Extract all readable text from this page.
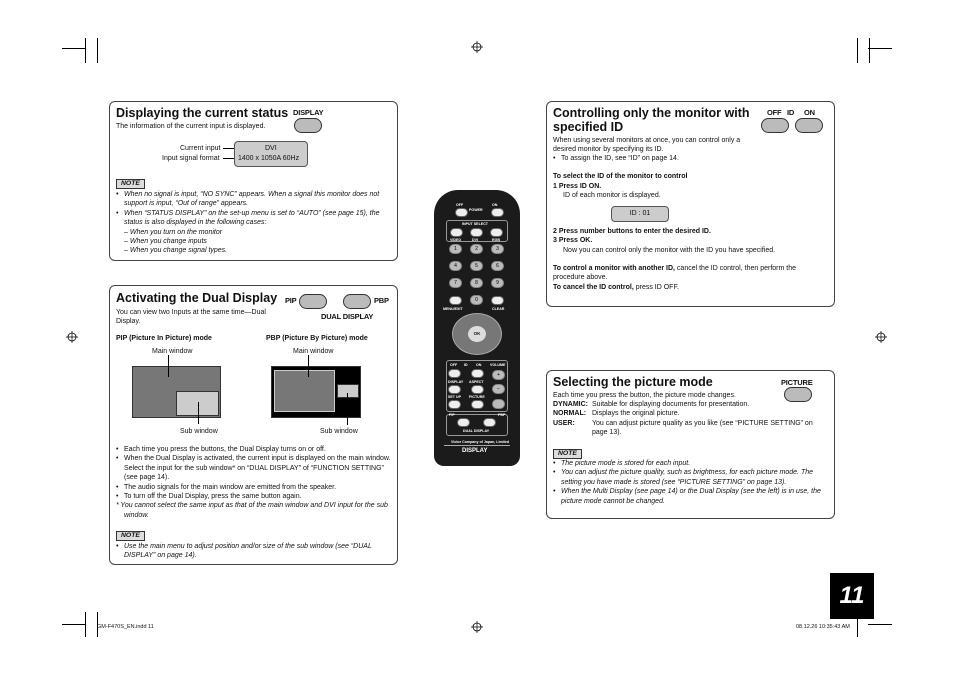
Displaying the current status DISPLAY
The information of the current input is displayed.
Current input
Input signal format
DVI
1400 x 1050A 60Hz
NOTE
• When no signal is input, “NO SYNC” appears. When a signal this monitor does not support is input, “Out of range” appears.
• When “STATUS DISPLAY” on the set-up menu is set to “AUTO” (see page 15), the status is also displayed in the following cases:
– When you turn on the monitor
– When you change inputs
– When you change signal types.
Activating the Dual Display PIP	PBP
DUAL DISPLAY
You can view two Inputs at the same time—Dual Display.
PIP (Picture In Picture) mode	PBP (Picture By Picture) mode
Main window	Main window
Sub window	Sub window
• Each time you press the buttons, the Dual Display turns on or off.
• When the Dual Display is activated, the current input is displayed on the main window. Select the input for the sub window* on “DUAL DISPLAY” of “FUNCTION SETTING” (see page 14).
• The audio signals for the main window are emitted from the speaker.
• To turn off the Dual Display, press the same button again.
* You cannot select the same input as that of the main window and DVI input for the sub window.
NOTE
• Use the main menu to adjust position and/or size of the sub window (see “DUAL DISPLAY” on page 14).
Controlling only the monitor with specified ID
OFF ID ON
When using several monitors at once, you can control only a desired monitor by specifying its ID.
• To assign the ID, see “ID” on page 14.
To select the ID of the monitor to control
1 Press ID ON.
ID of each monitor is displayed.
ID : 01
2 Press number buttons to enter the desired ID.
3 Press OK.
Now you can control only the monitor with the ID you have specified.
To control a monitor with another ID, cancel the ID control, then perform the procedure above.
To cancel the ID control, press ID OFF.
Selecting the picture mode	PICTURE
Each time you press the button, the picture mode changes.
DYNAMIC: Suitable for displaying documents for presentation.
NORMAL: Displays the original picture.
USER: You can adjust picture quality as you like (see “PICTURE SETTING” on page 13).
NOTE
• The picture mode is stored for each input.
• You can adjust the picture quality, such as brightness, for each picture mode. The setting you have made is stored (see “PICTURE SETTING” on page 13).
• When the Multi Display (see page 14) or the Dual Display (see the left) is in use, the picture mode cannot be changed.
OFF
POWER
ON
INPUT SELECT
VIDEO	DVI	RGB
1	2	3
4	5	6
7	8	9
0
MENU/EXIT	CLEAR
OK
OFF ID ON VOLUME
+
DISPLAY ASPECT
−
SET UP PICTURE
PIP	PBP
DUAL DISPLAY
Victor Company of Japan, Limited
DISPLAY
11
GM-F470S_EN.indd 11	08.12.26 10:35:43 AM
